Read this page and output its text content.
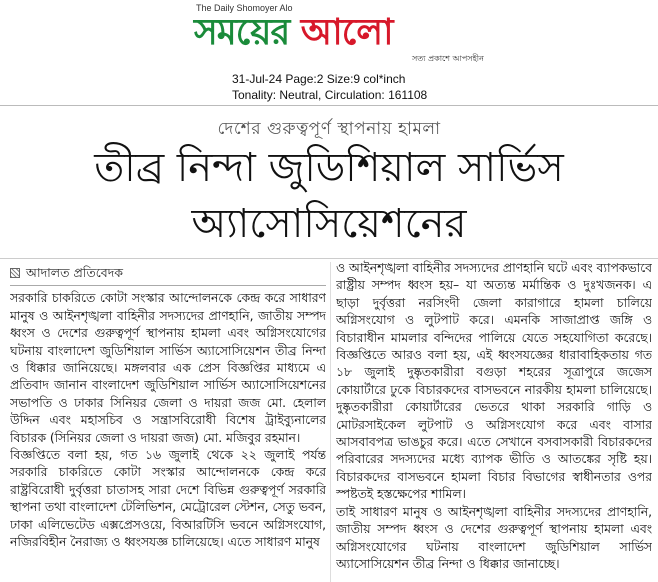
The Daily Shomoyer Alo
সময়ের আলো
সত্য প্রকাশে আপসহীন
31-Jul-24 Page:2 Size:9 col*inch
Tonality: Neutral, Circulation: 161108
দেশের গুরুত্বপূর্ণ স্থাপনায় হামলা
তীব্র নিন্দা জুডিশিয়াল সার্ভিস
অ্যাসোসিয়েশনের
আদালত প্রতিবেদক

সরকারি চাকরিতে কোটা সংস্কার আন্দোলনকে কেন্দ্র করে সাধারণ মানুষ ও আইনশৃঙ্খলা বাহিনীর সদস্যদের প্রাণহানি, জাতীয় সম্পদ ধ্বংস ও দেশের গুরুত্বপূর্ণ স্থাপনায় হামলা এবং অগ্নিসংযোগের ঘটনায় বাংলাদেশ জুডিশিয়াল সার্ভিস অ্যাসোসিয়েশন তীব্র নিন্দা ও ধিক্কার জানিয়েছে। মঙ্গলবার এক প্রেস বিজ্ঞপ্তির মাধ্যমে এ প্রতিবাদ জানান বাংলাদেশ জুডিশিয়াল সার্ভিস অ্যাসোসিয়েশনের সভাপতি ও ঢাকার সিনিয়র জেলা ও দায়রা জজ মো. হেলাল উদ্দিন এবং মহাসচিব ও সন্ত্রাসবিরোধী বিশেষ ট্রাইব্যুনালের বিচারক (সিনিয়র জেলা ও দায়রা জজ) মো. মজিবুর রহমান।

বিজ্ঞপ্তিতে বলা হয়, গত ১৬ জুলাই থেকে ২২ জুলাই পর্যন্ত সরকারি চাকরিতে কোটা সংস্কার আন্দোলনকে কেন্দ্র করে রাষ্ট্রবিরোধী দুর্বৃত্তরা চাতাসহ সারা দেশে বিভিন্ন গুরুত্বপূর্ণ সরকারি স্থাপনা তথা বাংলাদেশ টেলিভিশন, মেট্রোরেল স্টেশন, সেতু ভবন, ঢাকা এলিভেটেড এক্সপ্রেসওয়ে, বিআরটিসি ভবনে অগ্নিসংযোগ, নজিরবিহীন নৈরাজ্য ও ধ্বংসযজ্ঞ চালিয়েছে। এতে সাধারণ মানুষ

ও আইনশৃঙ্খলা বাহিনীর সদস্যদের প্রাণহানি ঘটে এবং ব্যাপকভাবে রাষ্ট্রীয় সম্পদ ধ্বংস হয়– যা অত্যন্ত মর্মান্তিক ও দুঃখজনক। এ ছাড়া দুর্বৃত্তরা নরসিংদী জেলা কারাগারে হামলা চালিয়ে অগ্নিসংযোগ ও লুটপাট করে। এমনকি সাজাপ্রাপ্ত জঙ্গি ও বিচারাধীন মামলার বন্দিদের পালিয়ে যেতে সহযোগিতা করেছে। বিজ্ঞপ্তিতে আরও বলা হয়, এই ধ্বংসযজ্ঞের ধারাবাহিকতায় গত ১৮ জুলাই দুষ্কৃতকারীরা বগুড়া শহরের সূত্রাপুরে জজেস কোয়ার্টারে ঢুকে বিচারকদের বাসভবনে নারকীয় হামলা চালিয়েছে। দুষ্কৃতকারীরা কোয়ার্টারের ভেতরে থাকা সরকারি গাড়ি ও মোটরসাইকেল লুটপাট ও অগ্নিসংযোগ করে এবং বাসার আসবাবপত্র ভাঙচুর করে। এতে সেখানে বসবাসকারী বিচারকদের পরিবারের সদস্যদের মধ্যে ব্যাপক ভীতি ও আতঙ্কের সৃষ্টি হয়। বিচারকদের বাসভবনে হামলা বিচার বিভাগের স্বাধীনতার ওপর স্পষ্টতই হস্তক্ষেপের শামিল।

তাই সাধারণ মানুষ ও আইনশৃঙ্খলা বাহিনীর সদস্যদের প্রাণহানি, জাতীয় সম্পদ ধ্বংস ও দেশের গুরুত্বপূর্ণ স্থাপনায় হামলা এবং অগ্নিসংযোগের ঘটনায় বাংলাদেশ জুডিশিয়াল সার্ভিস অ্যাসোসিয়েশন তীব্র নিন্দা ও ধিক্কার জানাচ্ছে।
